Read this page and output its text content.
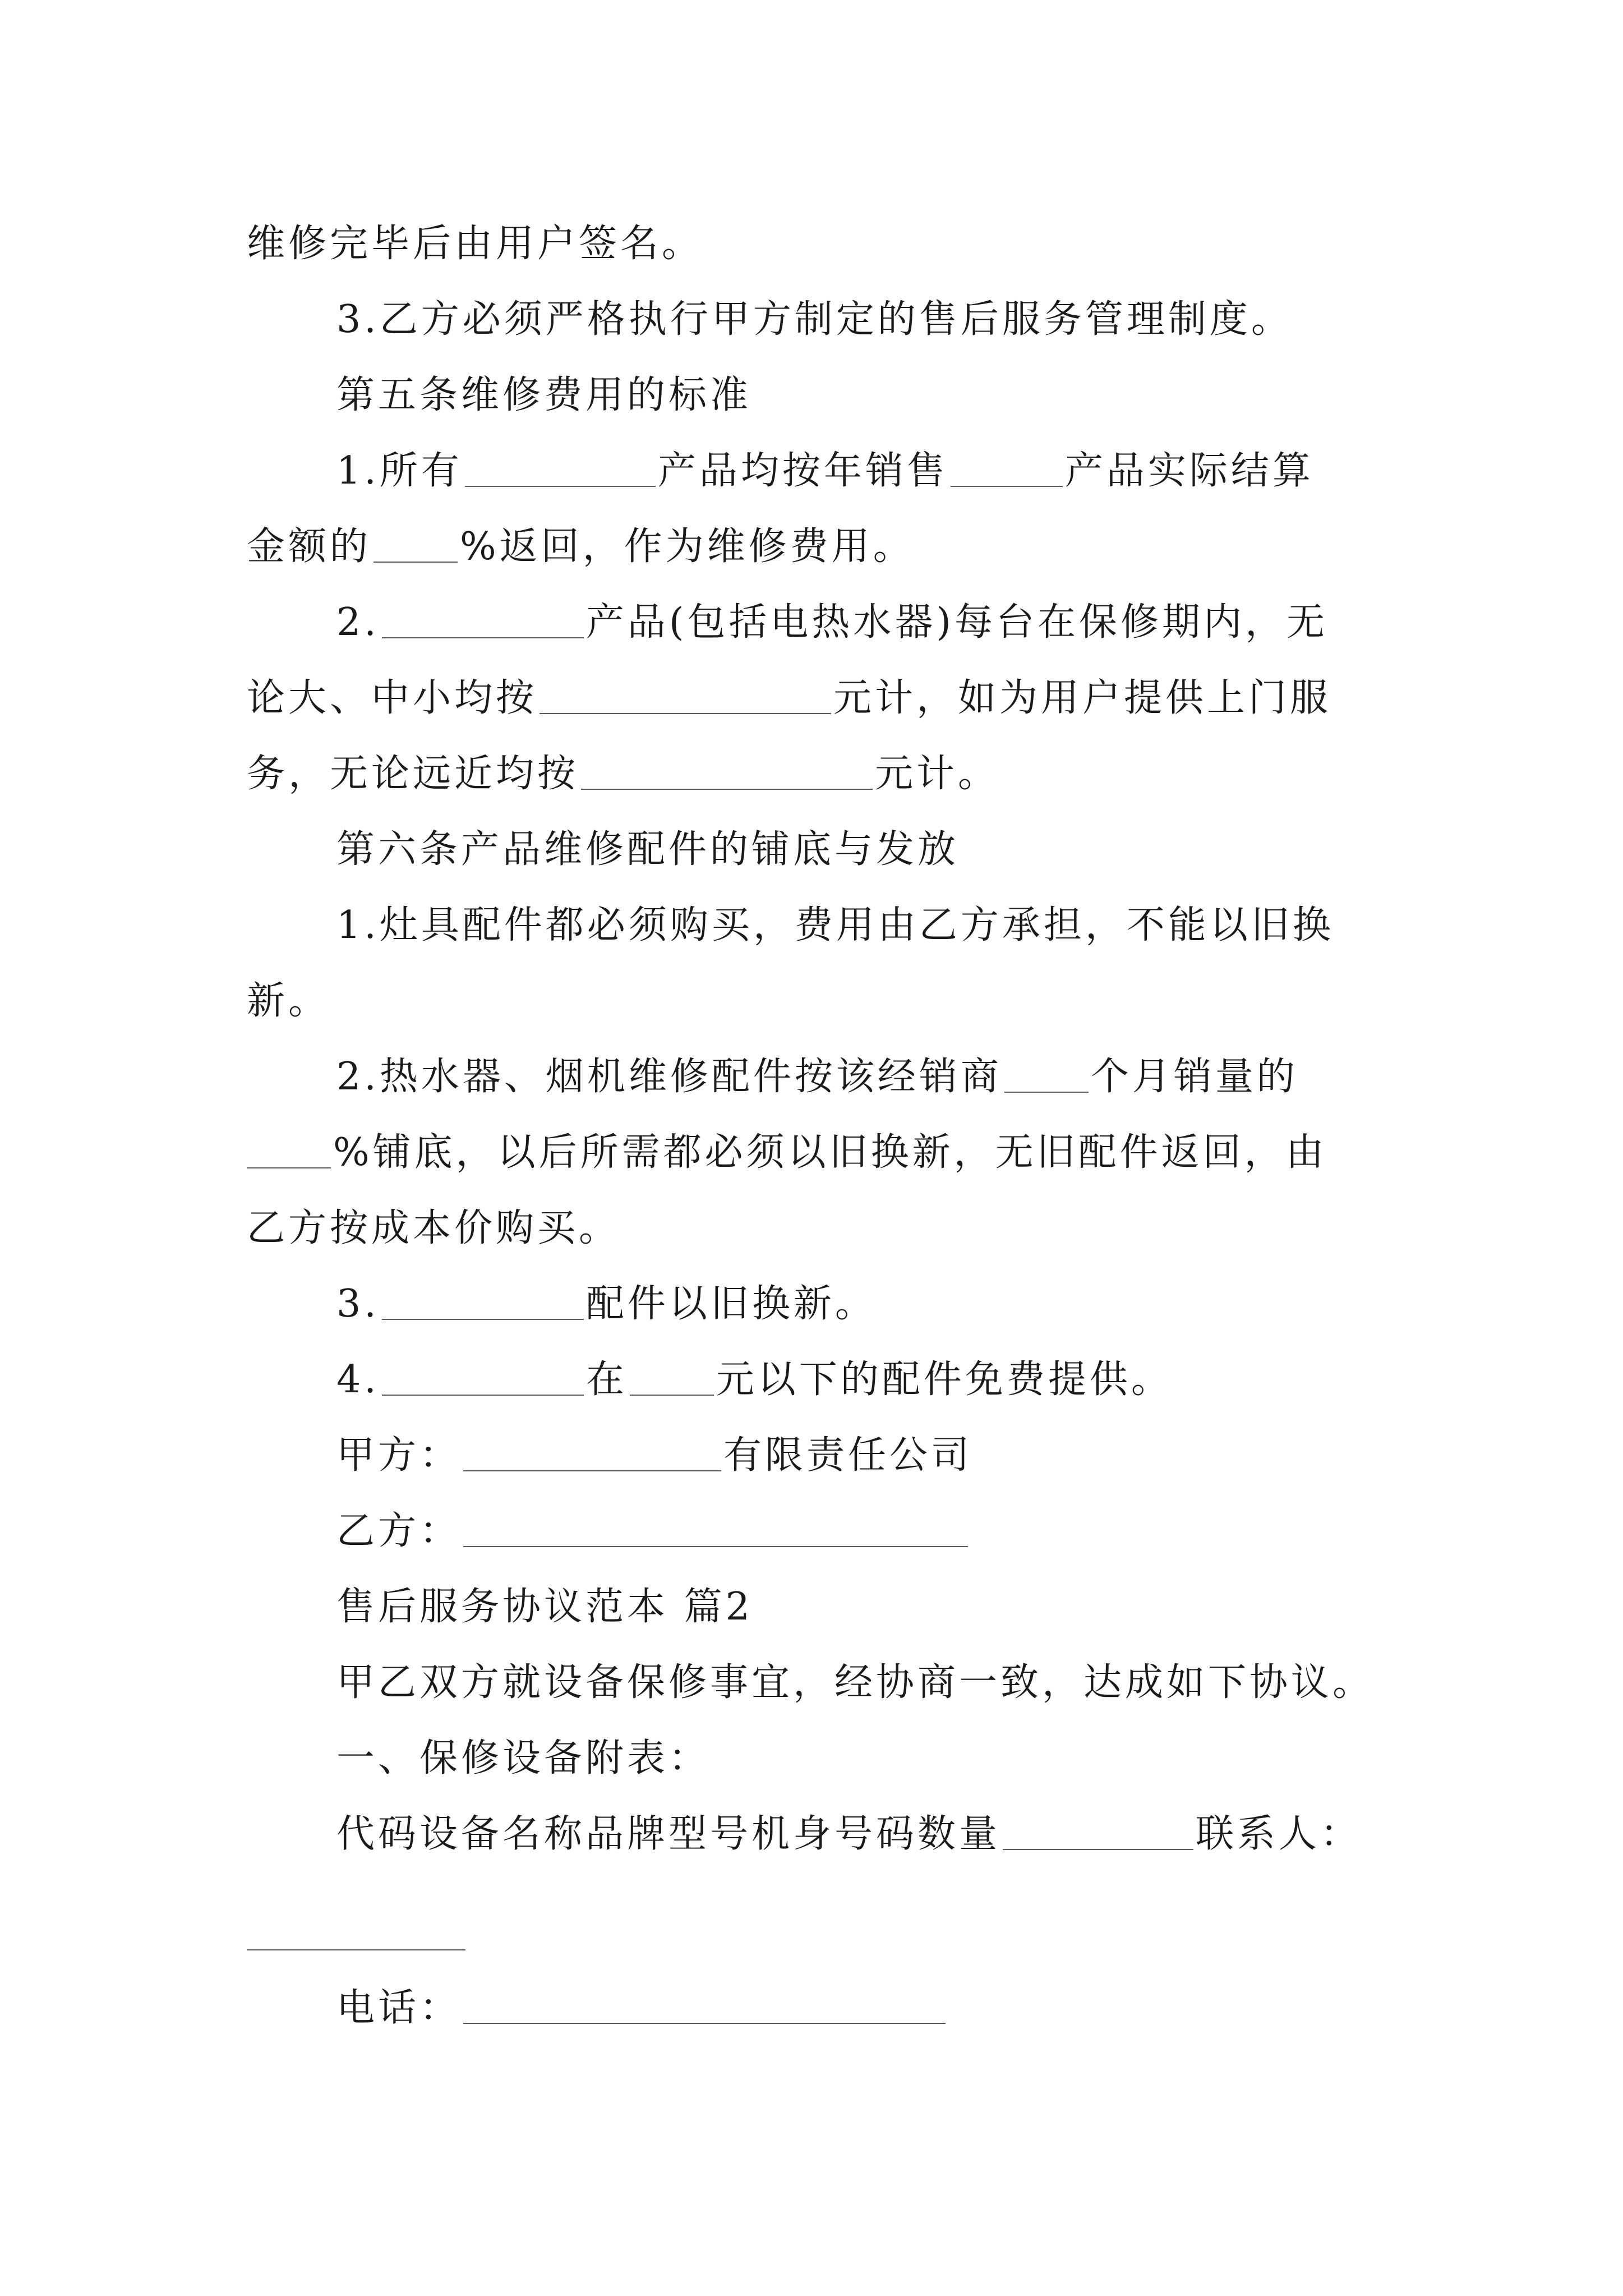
维修完毕后由用户签名。
3.乙方必须严格执行甲方制定的售后服务管理制度。
第五条维修费用的标准
1.所有	产品均按年销售	产品实际结算
金额的 %返回，作为维修费用。
2.	产品(包括电热水器)每台在保修期内，无
论大、中小均按	元计，如为用户提供上门服
务，无论远近均按	元计。
第六条产品维修配件的铺底与发放
1.灶具配件都必须购买，费用由乙方承担，不能以旧换
新。
2.热水器、烟机维修配件按该经销商 个月销量的
%铺底，以后所需都必须以旧换新，无旧配件返回，由
乙方按成本价购买。
3.	配件以旧换新。
4.	在 元以下的配件免费提供。
甲方：	有限责任公司
乙方：
售后服务协议范本 篇2
甲乙双方就设备保修事宜，经协商一致，达成如下协议。
一、保修设备附表：
代码设备名称品牌型号机身号码数量	联系人：
电话：
